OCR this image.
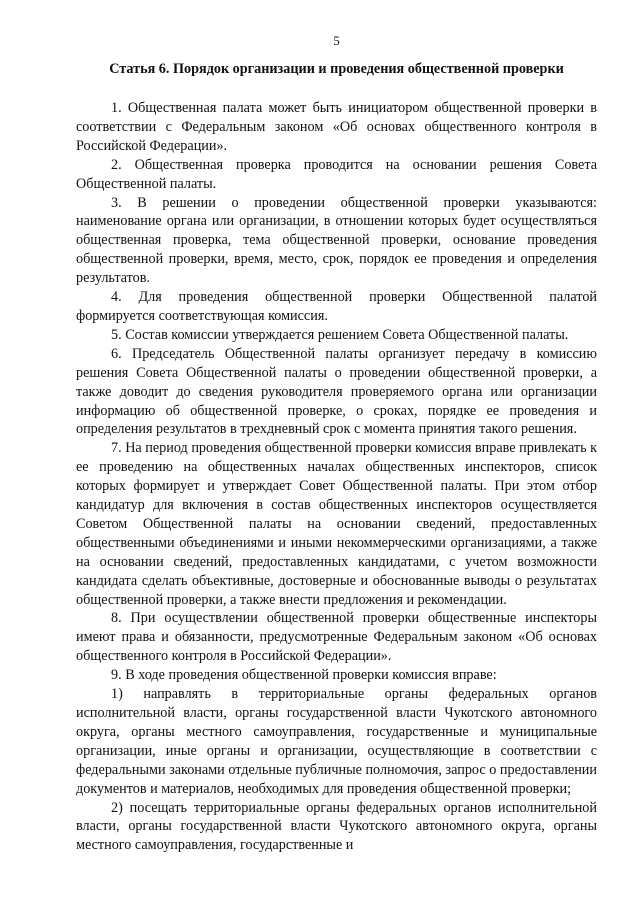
5
Статья 6. Порядок организации и проведения общественной проверки

1. Общественная палата может быть инициатором общественной проверки в соответствии с Федеральным законом «Об основах общественного контроля в Российской Федерации».

2. Общественная проверка проводится на основании решения Совета Общественной палаты.

3. В решении о проведении общественной проверки указываются: наименование органа или организации, в отношении которых будет осуществляться общественная проверка, тема общественной проверки, основание проведения общественной проверки, время, место, срок, порядок ее проведения и определения результатов.

4. Для проведения общественной проверки Общественной палатой формируется соответствующая комиссия.

5. Состав комиссии утверждается решением Совета Общественной палаты.

6. Председатель Общественной палаты организует передачу в комиссию решения Совета Общественной палаты о проведении общественной проверки, а также доводит до сведения руководителя проверяемого органа или организации информацию об общественной проверке, о сроках, порядке ее проведения и определения результатов в трехдневный срок с момента принятия такого решения.

7. На период проведения общественной проверки комиссия вправе привлекать к ее проведению на общественных началах общественных инспекторов, список которых формирует и утверждает Совет Общественной палаты. При этом отбор кандидатур для включения в состав общественных инспекторов осуществляется Советом Общественной палаты на основании сведений, предоставленных общественными объединениями и иными некоммерческими организациями, а также на основании сведений, предоставленных кандидатами, с учетом возможности кандидата сделать объективные, достоверные и обоснованные выводы о результатах общественной проверки, а также внести предложения и рекомендации.

8. При осуществлении общественной проверки общественные инспекторы имеют права и обязанности, предусмотренные Федеральным законом «Об основах общественного контроля в Российской Федерации».

9. В ходе проведения общественной проверки комиссия вправе:

1) направлять в территориальные органы федеральных органов исполнительной власти, органы государственной власти Чукотского автономного округа, органы местного самоуправления, государственные и муниципальные организации, иные органы и организации, осуществляющие в соответствии с федеральными законами отдельные публичные полномочия, запрос о предоставлении документов и материалов, необходимых для проведения общественной проверки;

2) посещать территориальные органы федеральных органов исполнительной власти, органы государственной власти Чукотского автономного округа, органы местного самоуправления, государственные и
